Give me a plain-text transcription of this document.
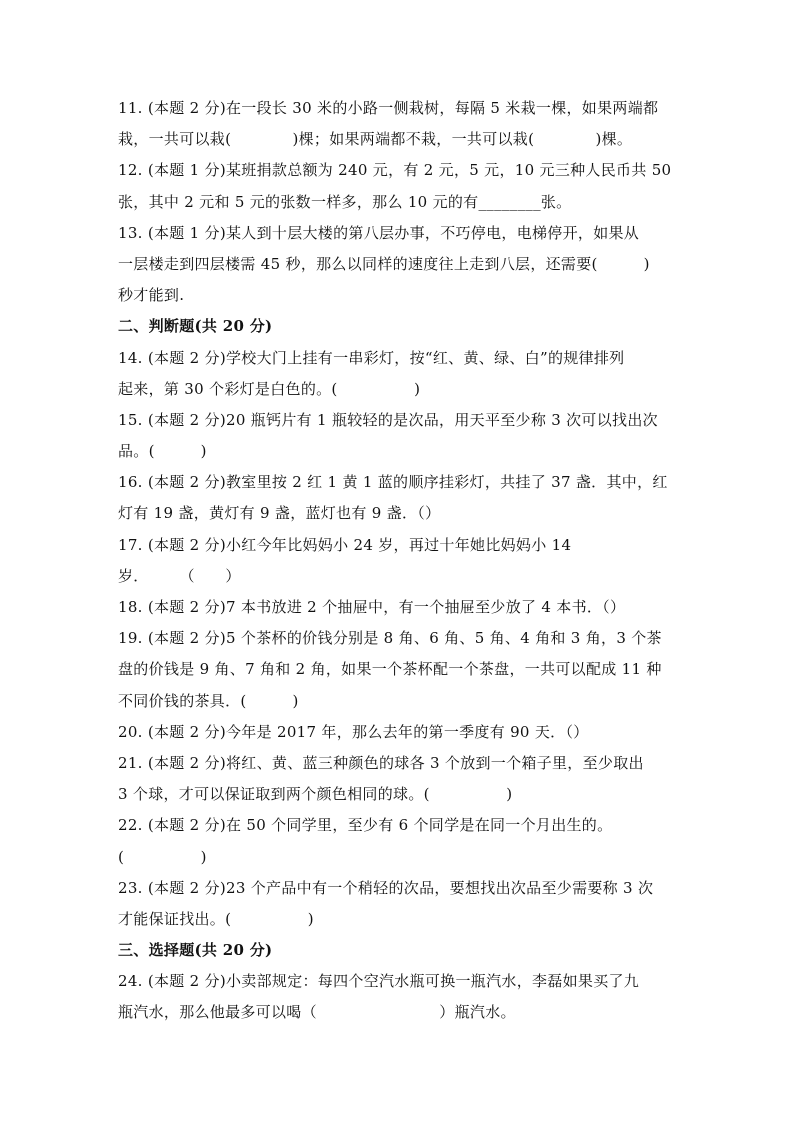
11. (本题 2 分)在一段长 30 米的小路一侧栽树，每隔 5 米栽一棵，如果两端都
栽，一共可以栽(　　　　)棵；如果两端都不栽，一共可以栽(　　　　)棵。
12. (本题 1 分)某班捐款总额为 240 元，有 2 元，5 元，10 元三种人民币共 50
张，其中 2 元和 5 元的张数一样多，那么 10 元的有________张。
13. (本题 1 分)某人到十层大楼的第八层办事，不巧停电，电梯停开，如果从
一层楼走到四层楼需 45 秒，那么以同样的速度往上走到八层，还需要(　　　)
秒才能到.
二、判断题(共 20 分)
14. (本题 2 分)学校大门上挂有一串彩灯，按“红、黄、绿、白”的规律排列
起来，第 30 个彩灯是白色的。(　　　　　)
15. (本题 2 分)20 瓶钙片有 1 瓶较轻的是次品，用天平至少称 3 次可以找出次
品。(　　　)
16. (本题 2 分)教室里按 2 红 1 黄 1 蓝的顺序挂彩灯，共挂了 37 盏．其中，红
灯有 19 盏，黄灯有 9 盏，蓝灯也有 9 盏．（）
17. (本题 2 分)小红今年比妈妈小 24 岁，再过十年她比妈妈小 14
岁．　　　（　　）
18. (本题 2 分)7 本书放进 2 个抽屉中，有一个抽屉至少放了 4 本书．（）
19. (本题 2 分)5 个茶杯的价钱分别是 8 角、6 角、5 角、4 角和 3 角，3 个茶
盘的价钱是 9 角、7 角和 2 角，如果一个茶杯配一个茶盘，一共可以配成 11 种
不同价钱的茶具．(　　　)
20. (本题 2 分)今年是 2017 年，那么去年的第一季度有 90 天．（）
21. (本题 2 分)将红、黄、蓝三种颜色的球各 3 个放到一个箱子里，至少取出
3 个球，才可以保证取到两个颜色相同的球。(　　　　　)
22. (本题 2 分)在 50 个同学里，至少有 6 个同学是在同一个月出生的。
(　　　　　)
23. (本题 2 分)23 个产品中有一个稍轻的次品，要想找出次品至少需要称 3 次
才能保证找出。(　　　　　)
三、选择题(共 20 分)
24. (本题 2 分)小卖部规定：每四个空汽水瓶可换一瓶汽水，李磊如果买了九
瓶汽水，那么他最多可以喝（　　　　　　　　）瓶汽水。
